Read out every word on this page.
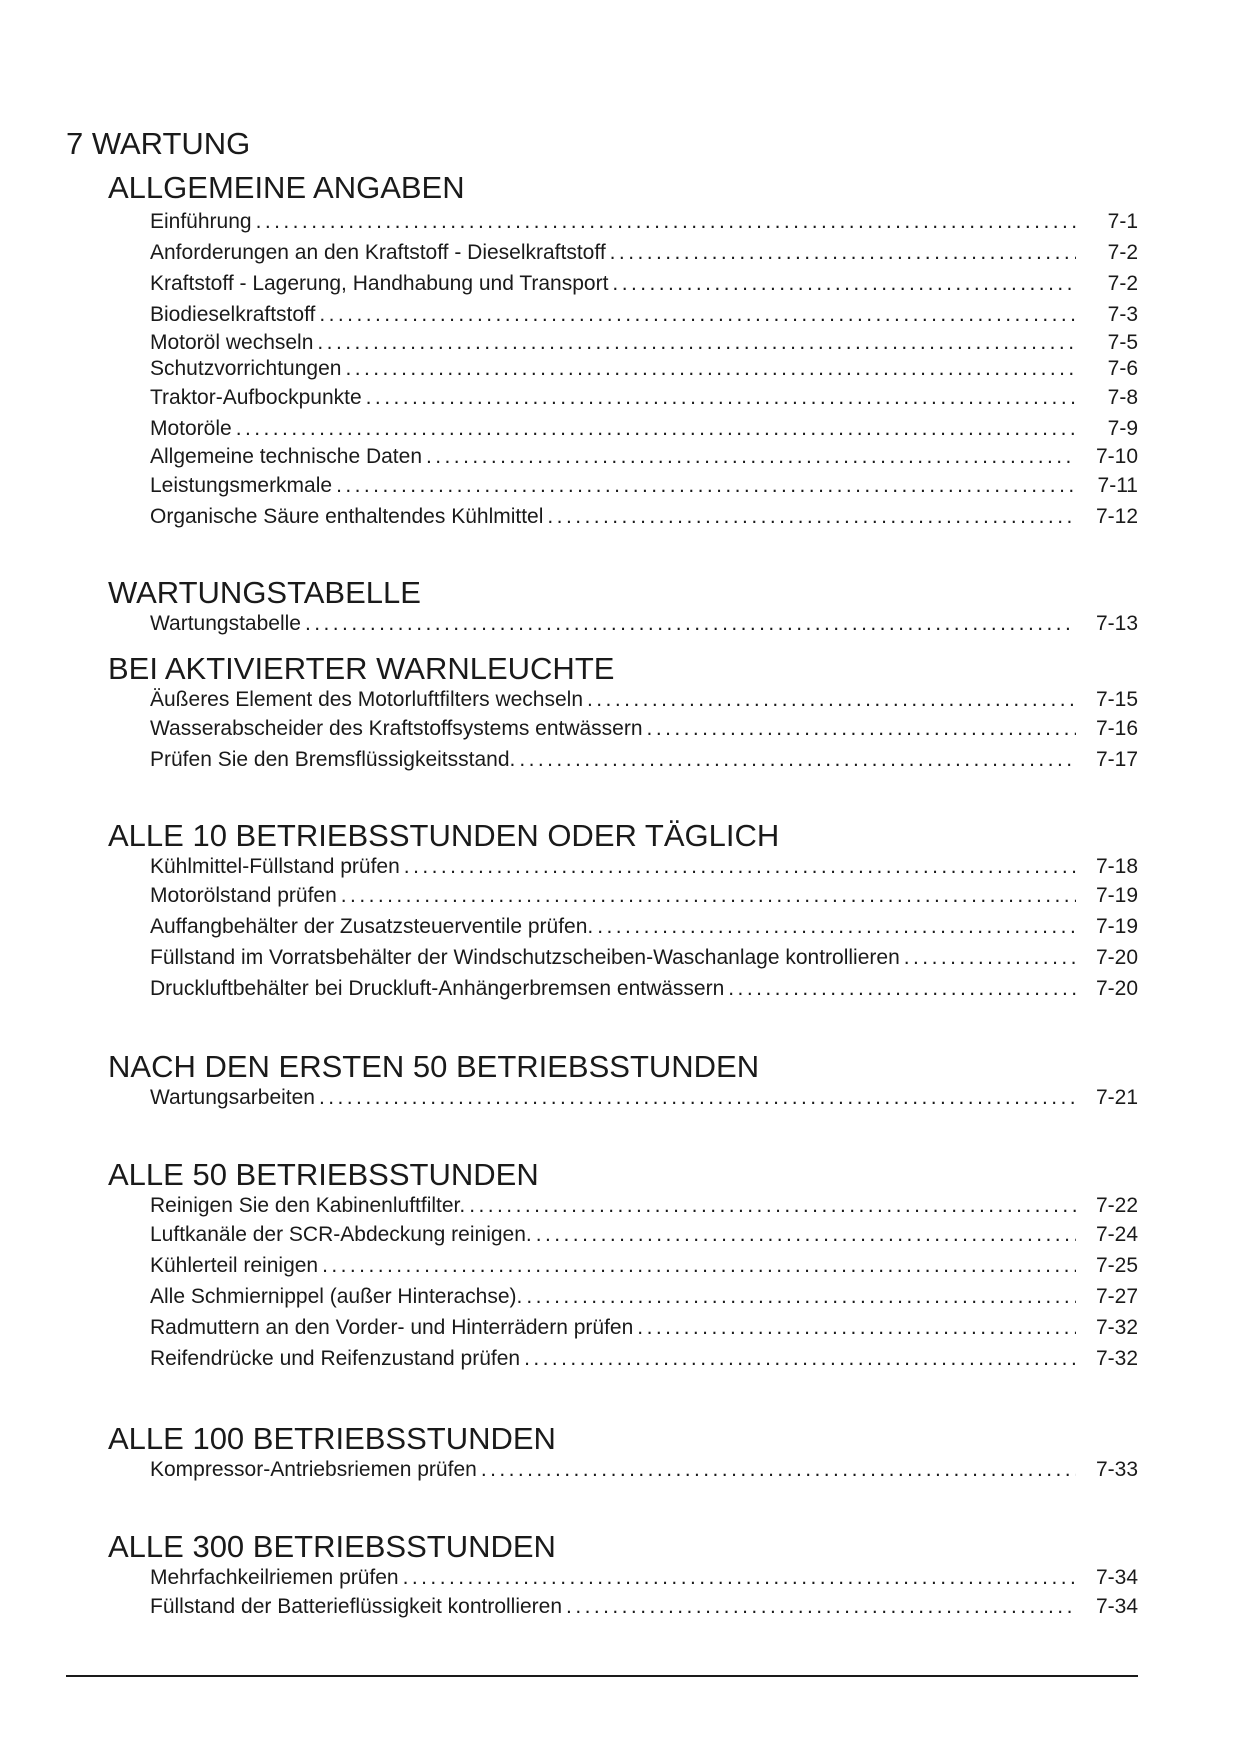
7 WARTUNG
ALLGEMEINE ANGABEN
Einführung . . .	7-1
Anforderungen an den Kraftstoff - Dieselkraftstoff . . .	7-2
Kraftstoff - Lagerung, Handhabung und Transport . . .	7-2
Biodieselkraftstoff . . .	7-3
Motoröl wechseln . . .	7-5
Schutzvorrichtungen . . .	7-6
Traktor-Aufbockpunkte . . .	7-8
Motoröle . . .	7-9
Allgemeine technische Daten . . .	7-10
Leistungsmerkmale . . .	7-11
Organische Säure enthaltendes Kühlmittel . . .	7-12
WARTUNGSTABELLE
Wartungstabelle . . .	7-13
BEI AKTIVIERTER WARNLEUCHTE
Äußeres Element des Motorluftfilters wechseln . . .	7-15
Wasserabscheider des Kraftstoffsystems entwässern . . .	7-16
Prüfen Sie den Bremsflüssigkeitsstand. . . .	7-17
ALLE 10 BETRIEBSSTUNDEN ODER TÄGLICH
Kühlmittel-Füllstand prüfen . . .	7-18
Motorölstand prüfen . . .	7-19
Auffangbehälter der Zusatzsteuerventile prüfen. . . .	7-19
Füllstand im Vorratsbehälter der Windschutzscheiben-Waschanlage kontrollieren . . .	7-20
Druckluftbehälter bei Druckluft-Anhängerbremsen entwässern . . .	7-20
NACH DEN ERSTEN 50 BETRIEBSSTUNDEN
Wartungsarbeiten . . .	7-21
ALLE 50 BETRIEBSSTUNDEN
Reinigen Sie den Kabinenluftfilter. . . .	7-22
Luftkanäle der SCR-Abdeckung reinigen. . . .	7-24
Kühlerteil reinigen . . .	7-25
Alle Schmiernippel (außer Hinterachse). . . .	7-27
Radmuttern an den Vorder- und Hinterrädern prüfen . . .	7-32
Reifendrücke und Reifenzustand prüfen . . .	7-32
ALLE 100 BETRIEBSSTUNDEN
Kompressor-Antriebsriemen prüfen . . .	7-33
ALLE 300 BETRIEBSSTUNDEN
Mehrfachkeilriemen prüfen . . .	7-34
Füllstand der Batterieflüssigkeit kontrollieren . . .	7-34
